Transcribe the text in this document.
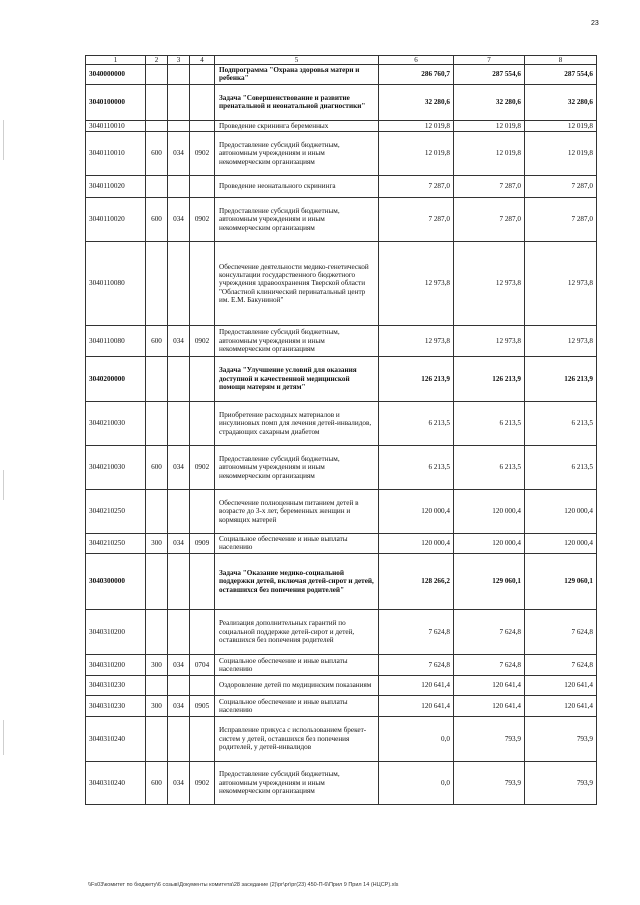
23
1	2	3	4	5	6	7	8
3040000000				Подпрограмма "Охрана здоровья матери и ребенка"	286 760,7	287 554,6	287 554,6
3040100000				Задача "Совершенствование и развитие пренатальной и неонатальной диагностики"	32 280,6	32 280,6	32 280,6
3040110010				Проведение скрининга беременных	12 019,8	12 019,8	12 019,8
3040110010	600	034	0902	Предоставление субсидий бюджетным, автономным учреждениям и иным некоммерческим организациям	12 019,8	12 019,8	12 019,8
3040110020				Проведение неонатального скрининга	7 287,0	7 287,0	7 287,0
3040110020	600	034	0902	Предоставление субсидий бюджетным, автономным учреждениям и иным некоммерческим организациям	7 287,0	7 287,0	7 287,0
3040110080				Обеспечение деятельности медико-генетической консультации государственного бюджетного учреждения здравоохранения Тверской области "Областной клинический перинатальный центр им. Е.М. Бакуниной"	12 973,8	12 973,8	12 973,8
3040110080	600	034	0902	Предоставление субсидий бюджетным, автономным учреждениям и иным некоммерческим организациям	12 973,8	12 973,8	12 973,8
3040200000				Задача "Улучшение условий для оказания доступной и качественной медицинской помощи матерям и детям"	126 213,9	126 213,9	126 213,9
3040210030				Приобретение расходных материалов и инсулиновых помп для лечения детей-инвалидов, страдающих сахарным диабетом	6 213,5	6 213,5	6 213,5
3040210030	600	034	0902	Предоставление субсидий бюджетным, автономным учреждениям и иным некоммерческим организациям	6 213,5	6 213,5	6 213,5
3040210250				Обеспечение полноценным питанием детей в возрасте до 3-х лет, беременных женщин и кормящих матерей	120 000,4	120 000,4	120 000,4
3040210250	300	034	0909	Социальное обеспечение и иные выплаты населению	120 000,4	120 000,4	120 000,4
3040300000				Задача "Оказание медико-социальной поддержки детей, включая детей-сирот и детей, оставшихся без попечения родителей"	128 266,2	129 060,1	129 060,1
3040310200				Реализация дополнительных гарантий по социальной поддержке детей-сирот и детей, оставшихся без попечения родителей	7 624,8	7 624,8	7 624,8
3040310200	300	034	0704	Социальное обеспечение и иные выплаты населению	7 624,8	7 624,8	7 624,8
3040310230				Оздоровление детей по медицинским показаниям	120 641,4	120 641,4	120 641,4
3040310230	300	034	0905	Социальное обеспечение и иные выплаты населению	120 641,4	120 641,4	120 641,4
3040310240				Исправление прикуса с использованием брекет-систем у детей, оставшихся без попечения родителей, у детей-инвалидов	0,0	793,9	793,9
3040310240	600	034	0902	Предоставление субсидий бюджетным, автономным учреждениям и иным некоммерческим организациям	0,0	793,9	793,9
\\Fs03\комитет по бюджету\6 созыв\Документы комитета\28 заседание (2)\рг\рг\рг(23) 450-П-6\Прил 9 Прил 14 (НЦСР).xls
